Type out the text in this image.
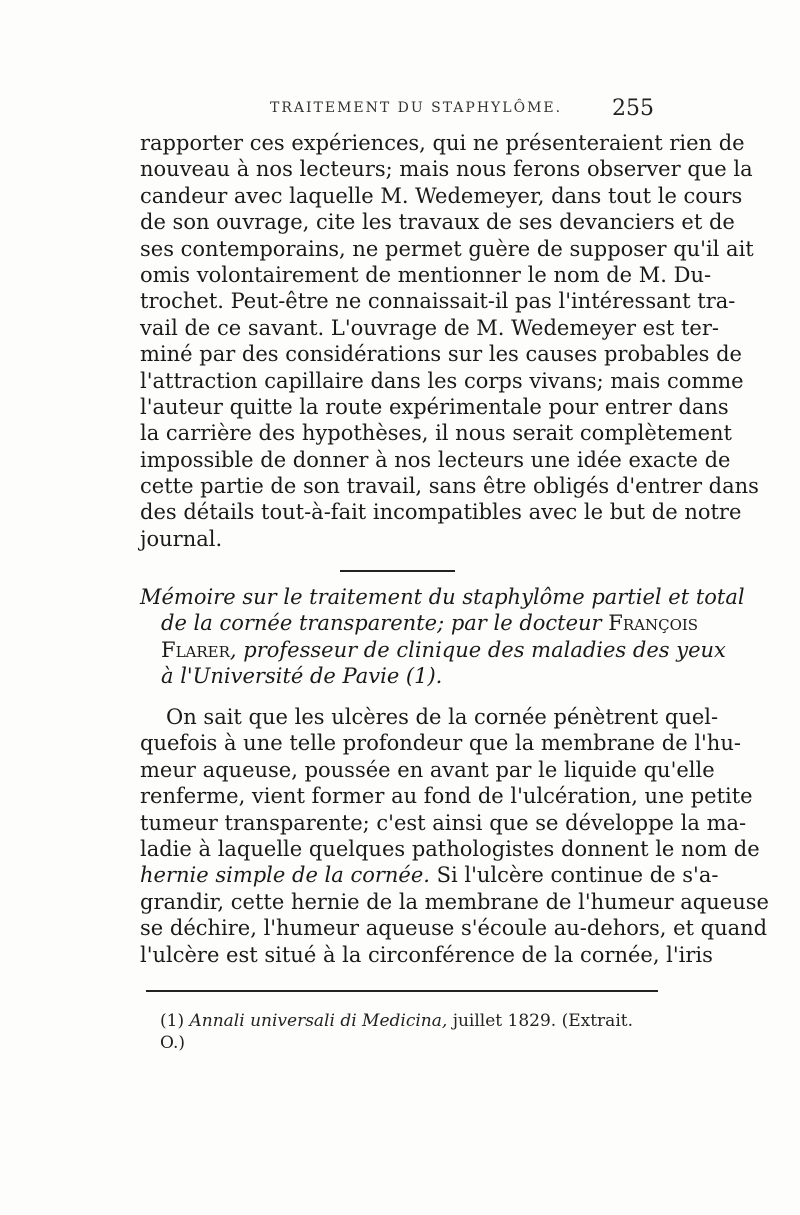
TRAITEMENT DU STAPHYLÔME. 255
rapporter ces expériences, qui ne présenteraient rien de
nouveau à nos lecteurs; mais nous ferons observer que la
candeur avec laquelle M. Wedemeyer, dans tout le cours
de son ouvrage, cite les travaux de ses devanciers et de
ses contemporains, ne permet guère de supposer qu'il ait
omis volontairement de mentionner le nom de M. Du-
trochet. Peut-être ne connaissait-il pas l'intéressant tra-
vail de ce savant. L'ouvrage de M. Wedemeyer est ter-
miné par des considérations sur les causes probables de
l'attraction capillaire dans les corps vivans; mais comme
l'auteur quitte la route expérimentale pour entrer dans
la carrière des hypothèses, il nous serait complètement
impossible de donner à nos lecteurs une idée exacte de
cette partie de son travail, sans être obligés d'entrer dans
des détails tout-à-fait incompatibles avec le but de notre
journal.
Mémoire sur le traitement du staphylôme partiel et total
de la cornée transparente; par le docteur François
Flarer, professeur de clinique des maladies des yeux
à l'Université de Pavie (1).
On sait que les ulcères de la cornée pénètrent quel-
quefois à une telle profondeur que la membrane de l'hu-
meur aqueuse, poussée en avant par le liquide qu'elle
renferme, vient former au fond de l'ulcération, une petite
tumeur transparente; c'est ainsi que se développe la ma-
ladie à laquelle quelques pathologistes donnent le nom de
hernie simple de la cornée. Si l'ulcère continue de s'a-
grandir, cette hernie de la membrane de l'humeur aqueuse
se déchire, l'humeur aqueuse s'écoule au-dehors, et quand
l'ulcère est situé à la circonférence de la cornée, l'iris
(1) Annali universali di Medicina, juillet 1829. (Extrait. O.)
